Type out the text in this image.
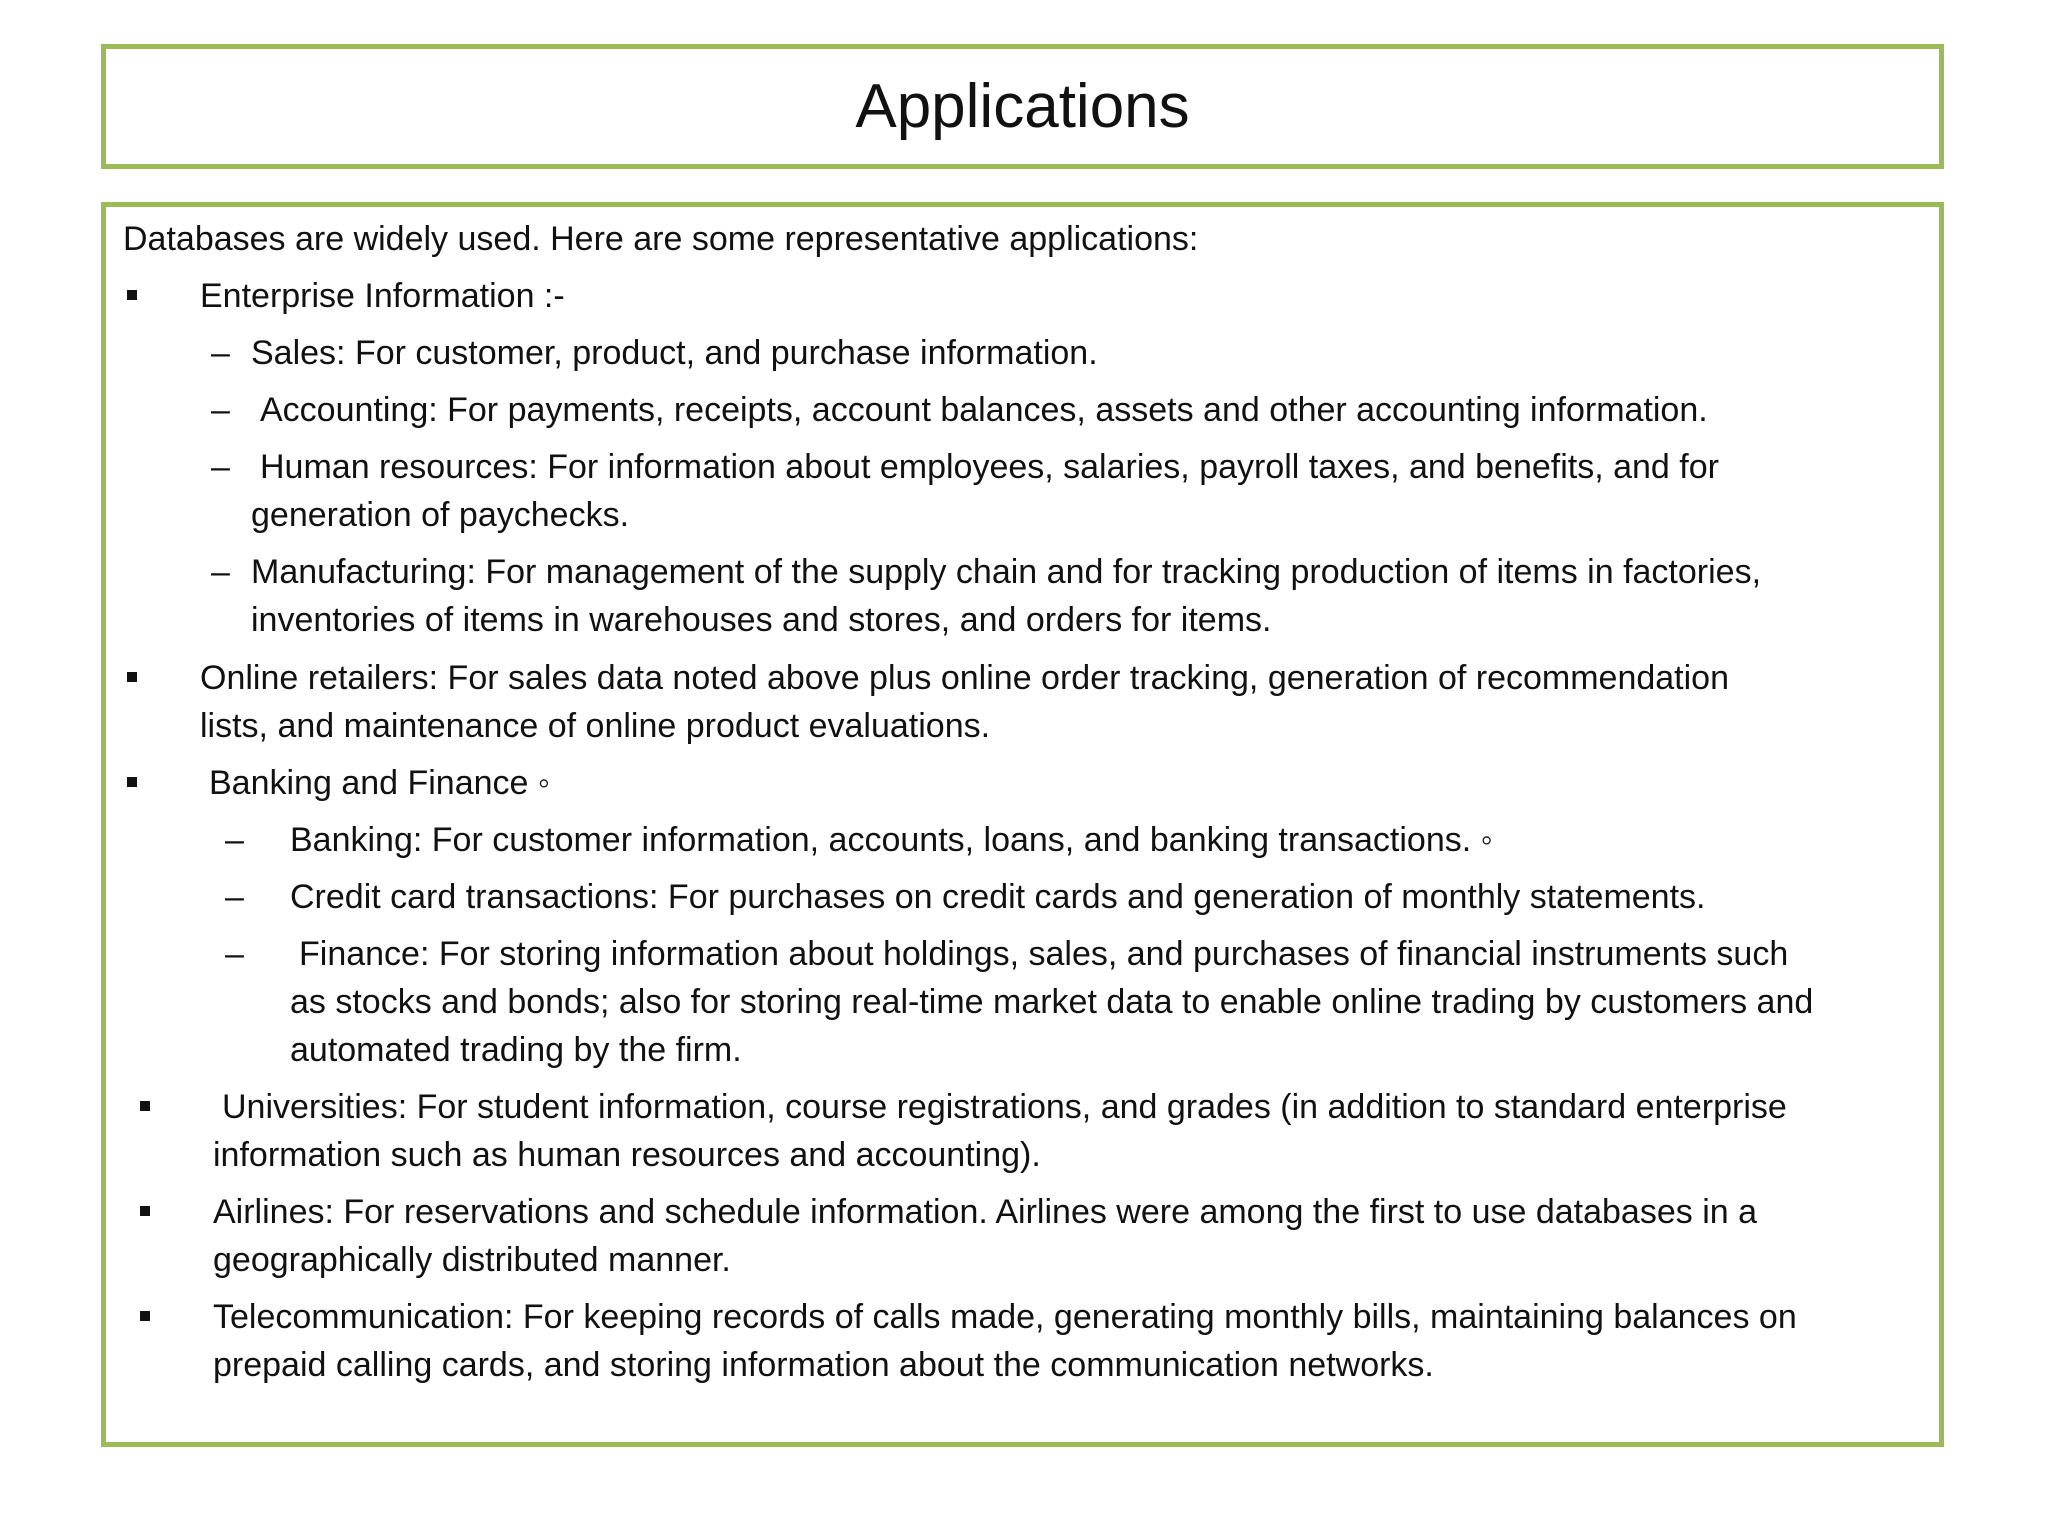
Applications
Databases are widely used. Here are some representative applications:
Enterprise Information :-
– Sales: For customer, product, and purchase information.
– Accounting: For payments, receipts, account balances, assets and other accounting information.
– Human resources: For information about employees, salaries, payroll taxes, and benefits, and for
generation of paychecks.
– Manufacturing: For management of the supply chain and for tracking production of items in factories,
inventories of items in warehouses and stores, and orders for items.
Online retailers: For sales data noted above plus online order tracking, generation of recommendation
lists, and maintenance of online product evaluations.
Banking and Finance ◦
– Banking: For customer information, accounts, loans, and banking transactions. ◦
– Credit card transactions: For purchases on credit cards and generation of monthly statements.
– Finance: For storing information about holdings, sales, and purchases of financial instruments such
as stocks and bonds; also for storing real-time market data to enable online trading by customers and
automated trading by the firm.
Universities: For student information, course registrations, and grades (in addition to standard enterprise
information such as human resources and accounting).
Airlines: For reservations and schedule information. Airlines were among the first to use databases in a
geographically distributed manner.
Telecommunication: For keeping records of calls made, generating monthly bills, maintaining balances on
prepaid calling cards, and storing information about the communication networks.
